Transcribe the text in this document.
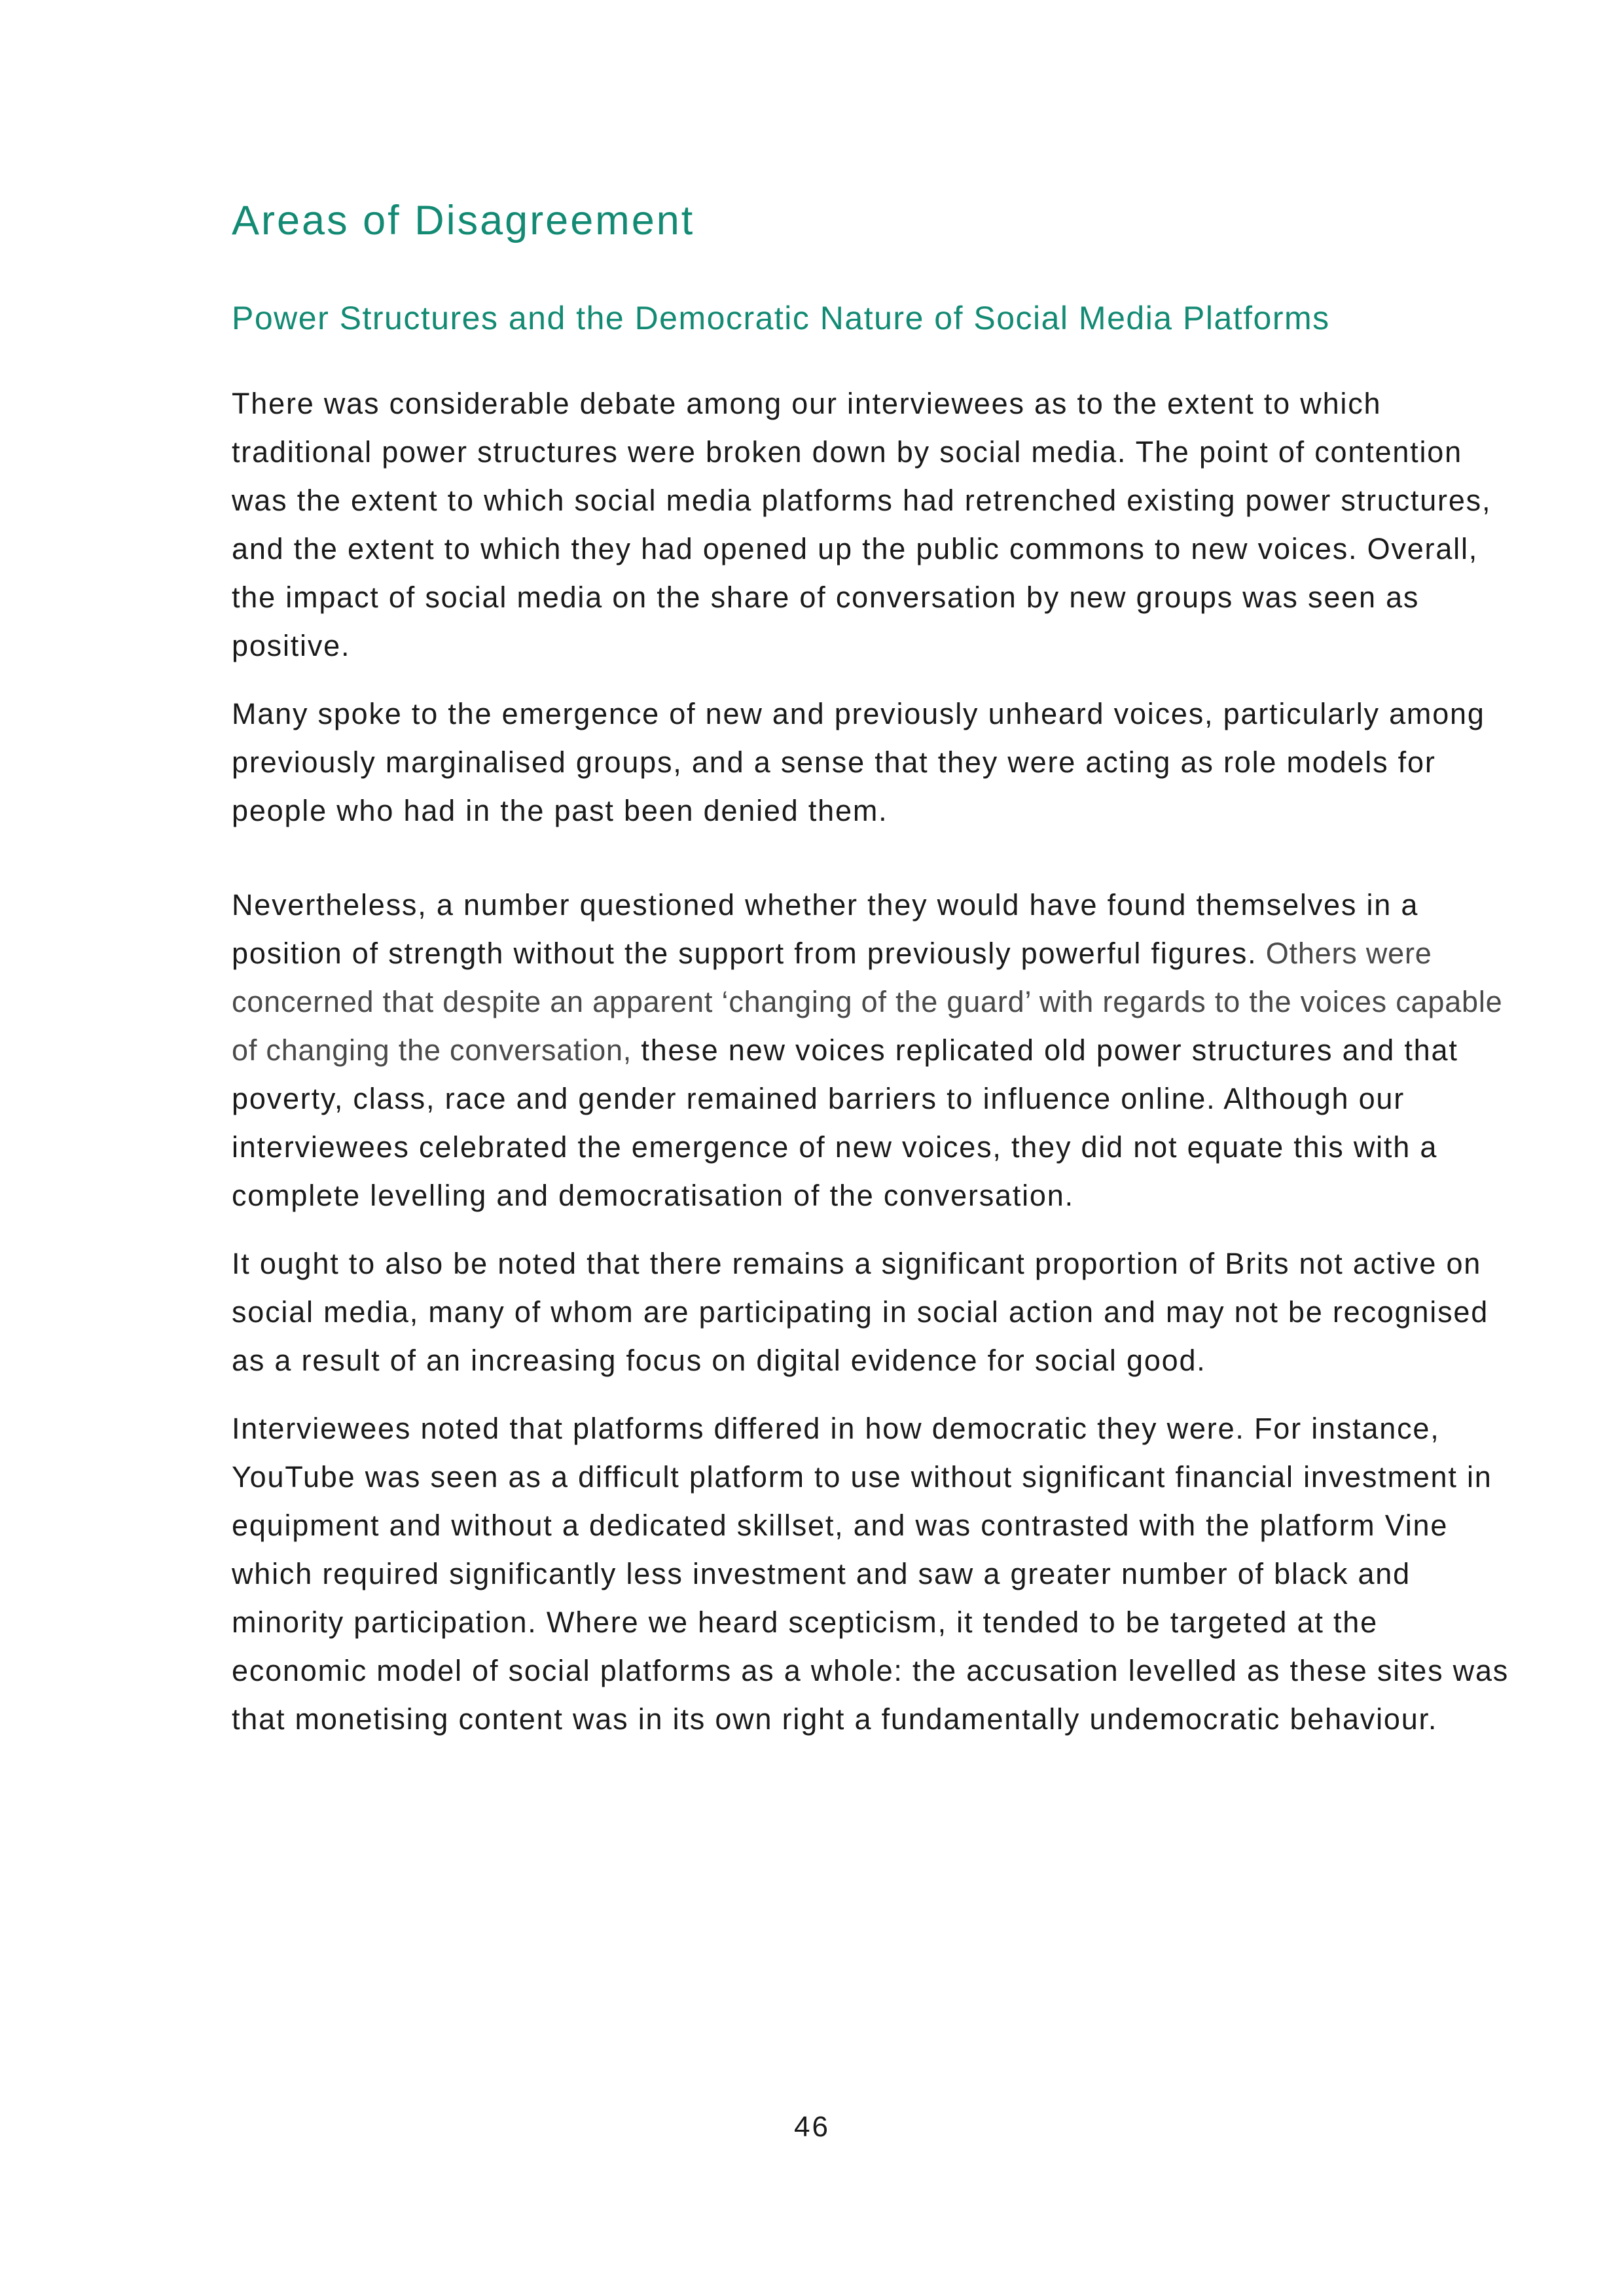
Areas of Disagreement
Power Structures and the Democratic Nature of Social Media Platforms

There was considerable debate among our interviewees as to the extent to which traditional power structures were broken down by social media. The point of contention was the extent to which social media platforms had retrenched existing power structures, and the extent to which they had opened up the public commons to new voices. Overall, the impact of social media on the share of conversation by new groups was seen as positive.

Many spoke to the emergence of new and previously unheard voices, particularly among previously marginalised groups, and a sense that they were acting as role models for people who had in the past been denied them.

Nevertheless, a number questioned whether they would have found themselves in a position of strength without the support from previously powerful figures. Others were concerned that despite an apparent ‘changing of the guard’ with regards to the voices capable of changing the conversation, these new voices replicated old power structures and that poverty, class, race and gender remained barriers to influence online. Although our interviewees celebrated the emergence of new voices, they did not equate this with a complete levelling and democratisation of the conversation.

It ought to also be noted that there remains a significant proportion of Brits not active on social media, many of whom are participating in social action and may not be recognised as a result of an increasing focus on digital evidence for social good.

Interviewees noted that platforms differed in how democratic they were. For instance, YouTube was seen as a difficult platform to use without significant financial investment in equipment and without a dedicated skillset, and was contrasted with the platform Vine which required significantly less investment and saw a greater number of black and minority participation. Where we heard scepticism, it tended to be targeted at the economic model of social platforms as a whole: the accusation levelled as these sites was that monetising content was in its own right a fundamentally undemocratic behaviour.

46
